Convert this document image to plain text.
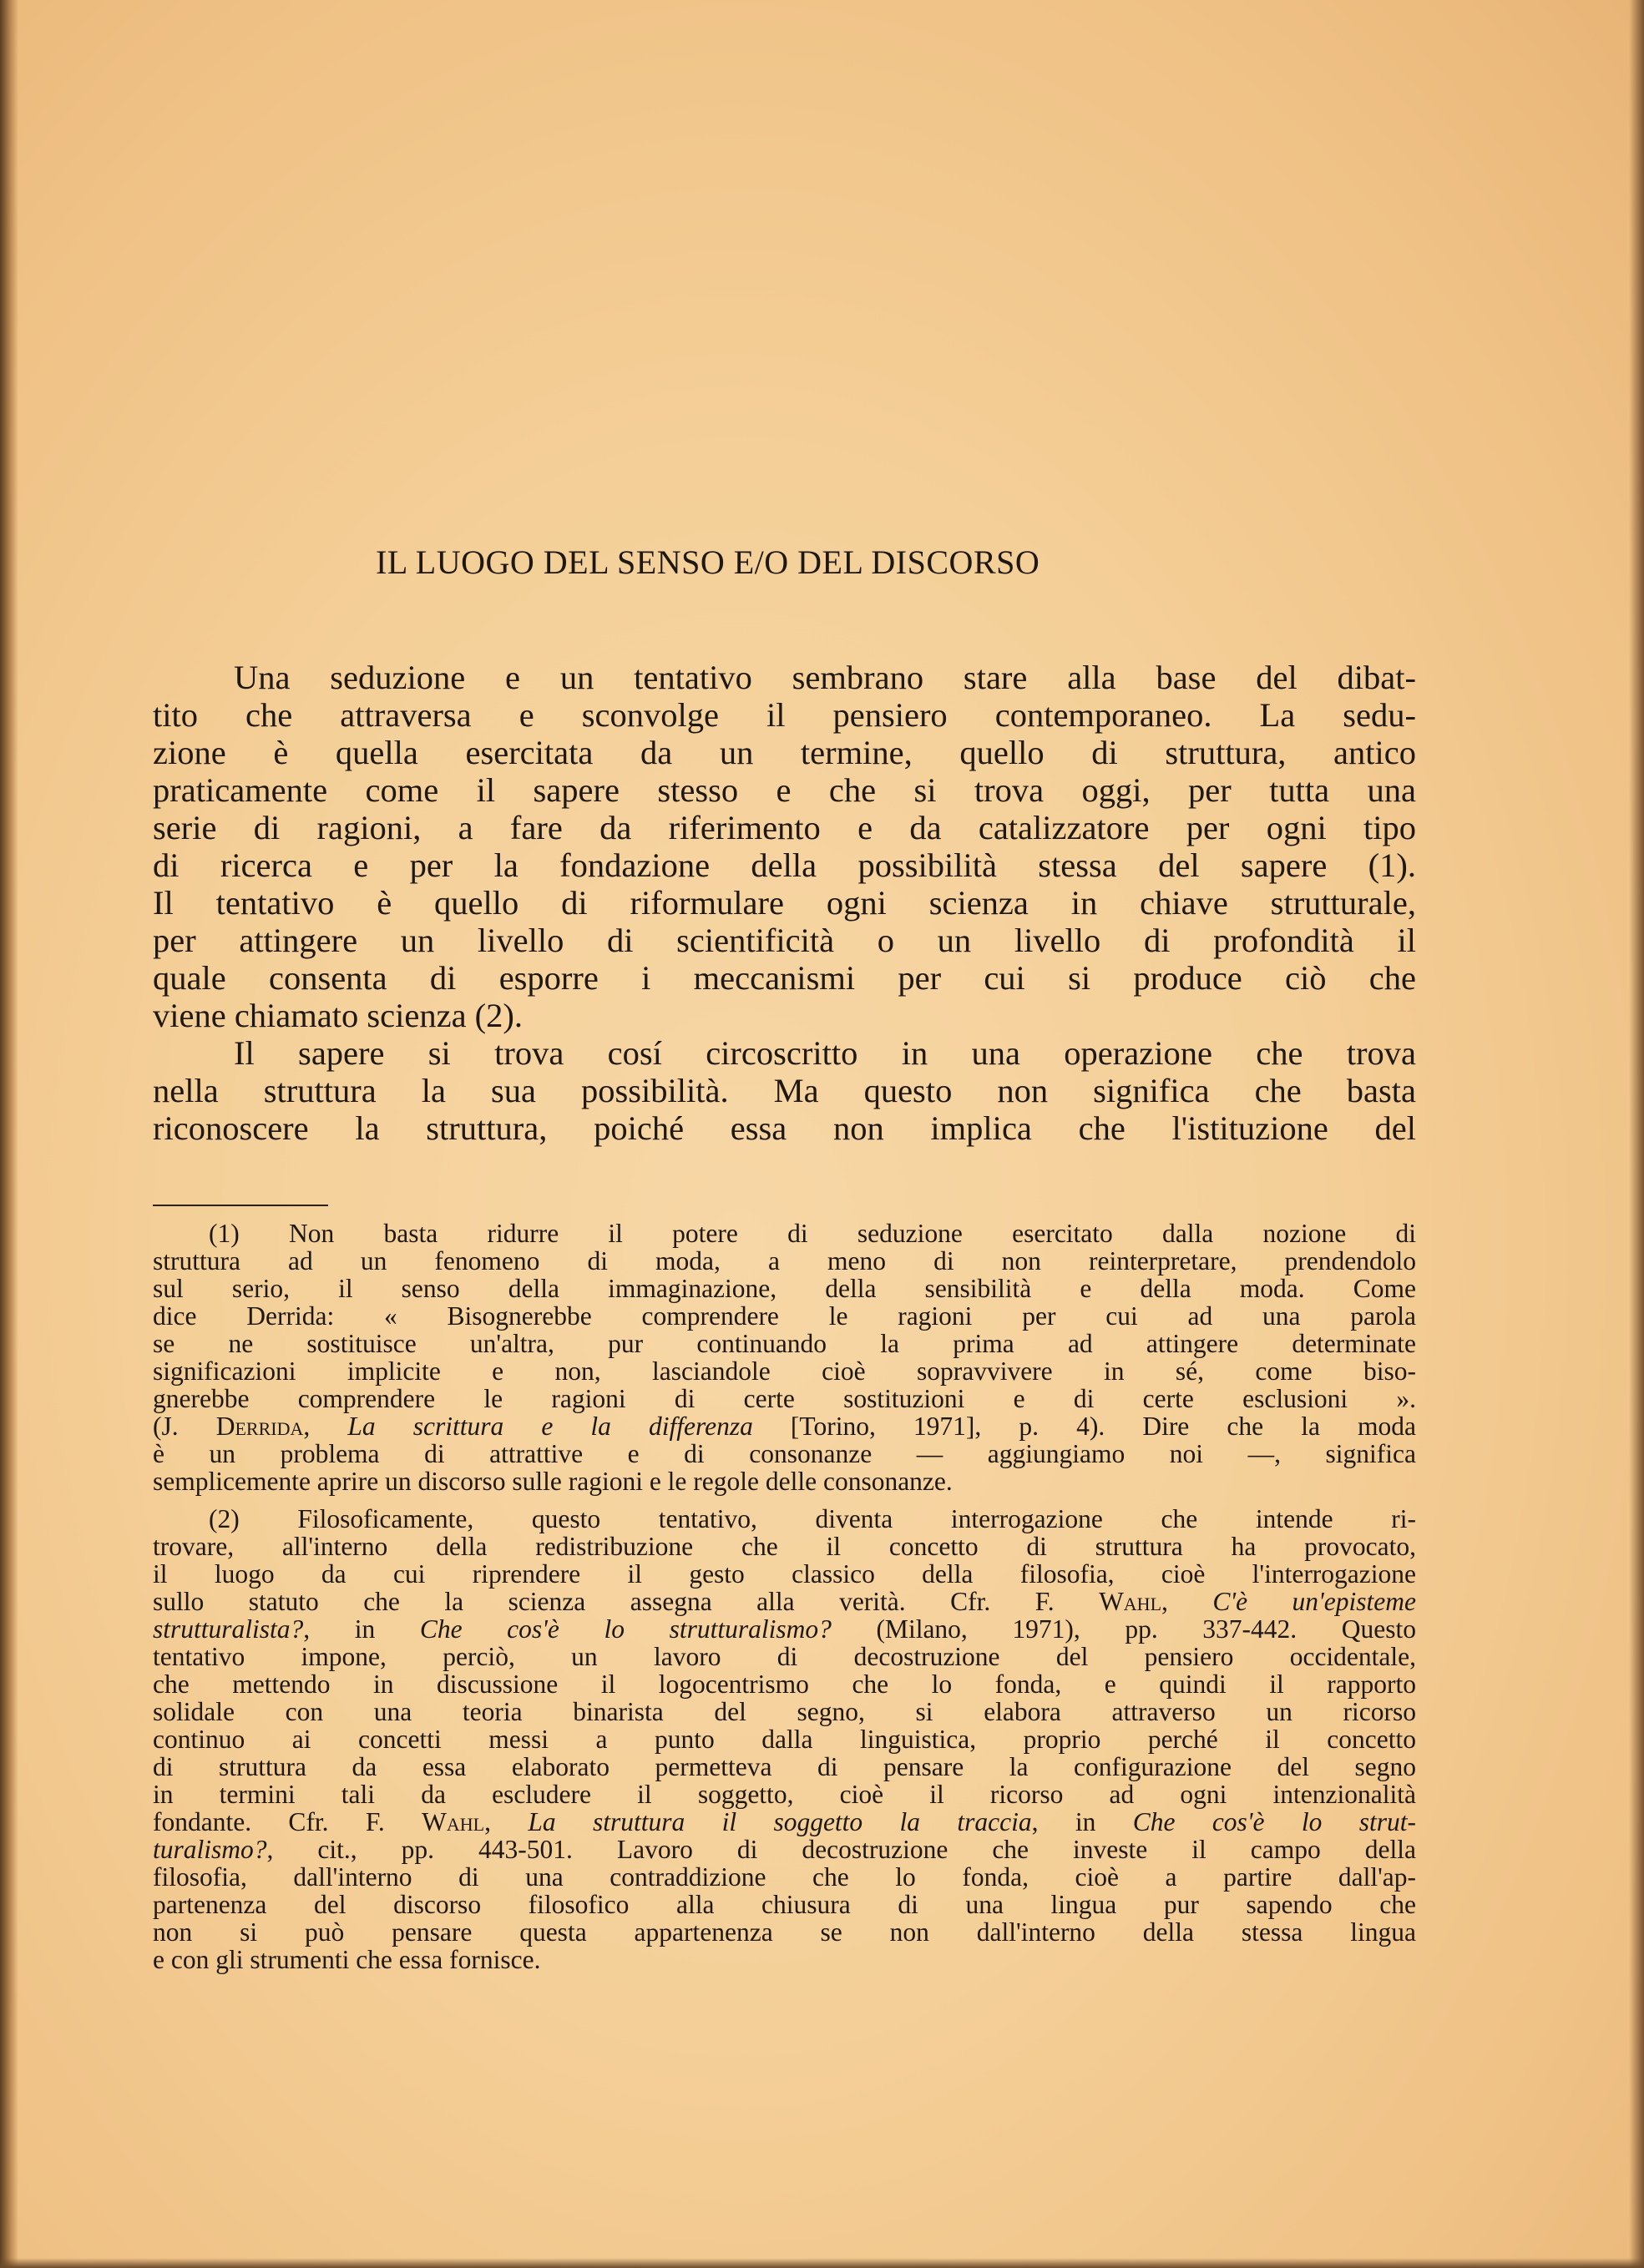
IL LUOGO DEL SENSO E/O DEL DISCORSO
Una seduzione e un tentativo sembrano stare alla base del dibat-
tito che attraversa e sconvolge il pensiero contemporaneo. La sedu-
zione è quella esercitata da un termine, quello di struttura, antico
praticamente come il sapere stesso e che si trova oggi, per tutta una
serie di ragioni, a fare da riferimento e da catalizzatore per ogni tipo
di ricerca e per la fondazione della possibilità stessa del sapere (1).
Il tentativo è quello di riformulare ogni scienza in chiave strutturale,
per attingere un livello di scientificità o un livello di profondità il
quale consenta di esporre i meccanismi per cui si produce ciò che
viene chiamato scienza (2).
Il sapere si trova cosí circoscritto in una operazione che trova
nella struttura la sua possibilità. Ma questo non significa che basta
riconoscere la struttura, poiché essa non implica che l'istituzione del
(1) Non basta ridurre il potere di seduzione esercitato dalla nozione di
struttura ad un fenomeno di moda, a meno di non reinterpretare, prendendolo
sul serio, il senso della immaginazione, della sensibilità e della moda. Come
dice Derrida: « Bisognerebbe comprendere le ragioni per cui ad una parola
se ne sostituisce un'altra, pur continuando la prima ad attingere determinate
significazioni implicite e non, lasciandole cioè sopravvivere in sé, come biso-
gnerebbe comprendere le ragioni di certe sostituzioni e di certe esclusioni ».
(J. Derrida, La scrittura e la differenza [Torino, 1971], p. 4). Dire che la moda
è un problema di attrattive e di consonanze — aggiungiamo noi —, significa
semplicemente aprire un discorso sulle ragioni e le regole delle consonanze.
(2) Filosoficamente, questo tentativo, diventa interrogazione che intende ri-
trovare, all'interno della redistribuzione che il concetto di struttura ha provocato,
il luogo da cui riprendere il gesto classico della filosofia, cioè l'interrogazione
sullo statuto che la scienza assegna alla verità. Cfr. F. Wahl, C'è un'episteme
strutturalista?, in Che cos'è lo strutturalismo? (Milano, 1971), pp. 337-442. Questo
tentativo impone, perciò, un lavoro di decostruzione del pensiero occidentale,
che mettendo in discussione il logocentrismo che lo fonda, e quindi il rapporto
solidale con una teoria binarista del segno, si elabora attraverso un ricorso
continuo ai concetti messi a punto dalla linguistica, proprio perché il concetto
di struttura da essa elaborato permetteva di pensare la configurazione del segno
in termini tali da escludere il soggetto, cioè il ricorso ad ogni intenzionalità
fondante. Cfr. F. Wahl, La struttura il soggetto la traccia, in Che cos'è lo strut-
turalismo?, cit., pp. 443-501. Lavoro di decostruzione che investe il campo della
filosofia, dall'interno di una contraddizione che lo fonda, cioè a partire dall'ap-
partenenza del discorso filosofico alla chiusura di una lingua pur sapendo che
non si può pensare questa appartenenza se non dall'interno della stessa lingua
e con gli strumenti che essa fornisce.
